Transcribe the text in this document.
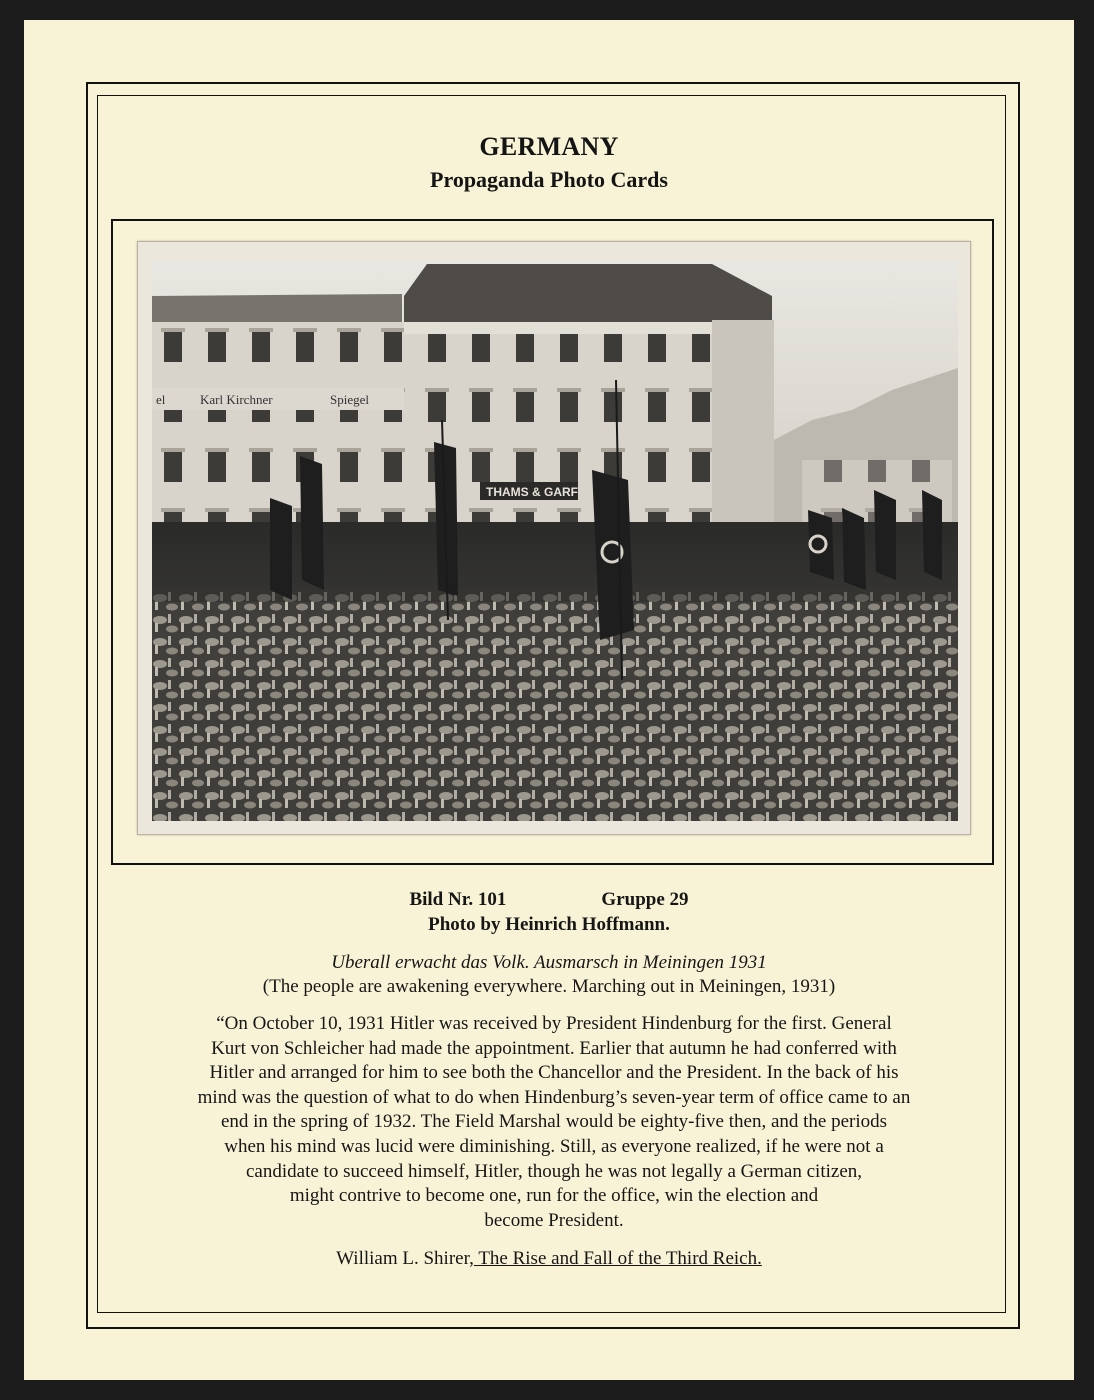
GERMANY
Propaganda Photo Cards
el	Karl Kirchner	Spiegel
THAMS & GARF
Bild Nr. 101	Gruppe 29
Photo by Heinrich Hoffmann.
Uberall erwacht das Volk. Ausmarsch in Meiningen 1931
(The people are awakening everywhere. Marching out in Meiningen, 1931)
“On October 10, 1931 Hitler was received by President Hindenburg for the first. General
Kurt von Schleicher had made the appointment. Earlier that autumn he had conferred with
Hitler and arranged for him to see both the Chancellor and the President. In the back of his
mind was the question of what to do when Hindenburg’s seven-year term of office came to an
end in the spring of 1932. The Field Marshal would be eighty-five then, and the periods
when his mind was lucid were diminishing. Still, as everyone realized, if he were not a
candidate to succeed himself, Hitler, though he was not legally a German citizen,
might contrive to become one, run for the office, win the election and
become President.
William L. Shirer, The Rise and Fall of the Third Reich.
